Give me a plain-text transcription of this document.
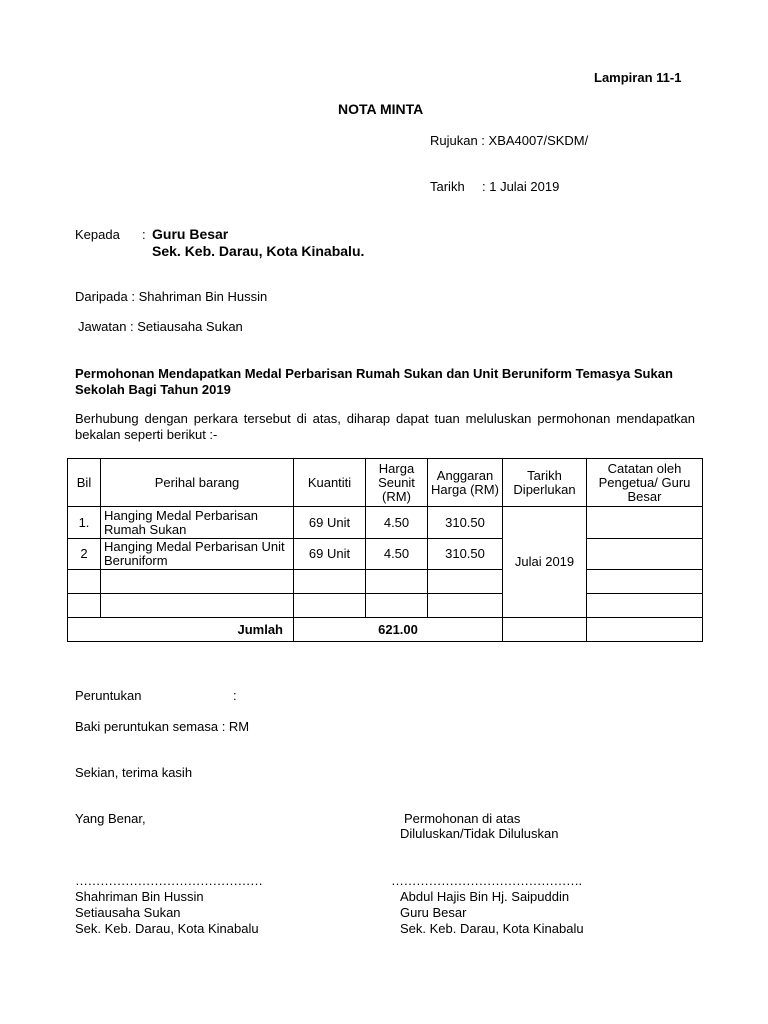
Lampiran 11-1
NOTA MINTA
Rujukan : XBA4007/SKDM/
Tarikh : 1 Julai 2019
Kepada : Guru Besar
Sek. Keb. Darau, Kota Kinabalu.
Daripada : Shahriman Bin Hussin
Jawatan : Setiausaha Sukan
Permohonan Mendapatkan Medal Perbarisan Rumah Sukan dan Unit Beruniform Temasya Sukan Sekolah Bagi Tahun 2019
Berhubung dengan perkara tersebut di atas, diharap dapat tuan meluluskan permohonan mendapatkan bekalan seperti berikut :-
Bil	Perihal barang	Kuantiti	Harga Seunit (RM)	Anggaran Harga (RM)	Tarikh Diperlukan	Catatan oleh Pengetua/ Guru Besar
1.	Hanging Medal Perbarisan Rumah Sukan	69 Unit	4.50	310.50	Julai 2019	
2	Hanging Medal Perbarisan Unit Beruniform	69 Unit	4.50	310.50		

	Jumlah	621.00				
Peruntukan	:
Baki peruntukan semasa : RM
Sekian, terima kasih
Yang Benar,	Permohonan di atas
Diluluskan/Tidak Diluluskan
………………………………………
Shahriman Bin Hussin
Setiausaha Sukan
Sek. Keb. Darau, Kota Kinabalu
……………………………………….
Abdul Hajis Bin Hj. Saipuddin
Guru Besar
Sek. Keb. Darau, Kota Kinabalu
